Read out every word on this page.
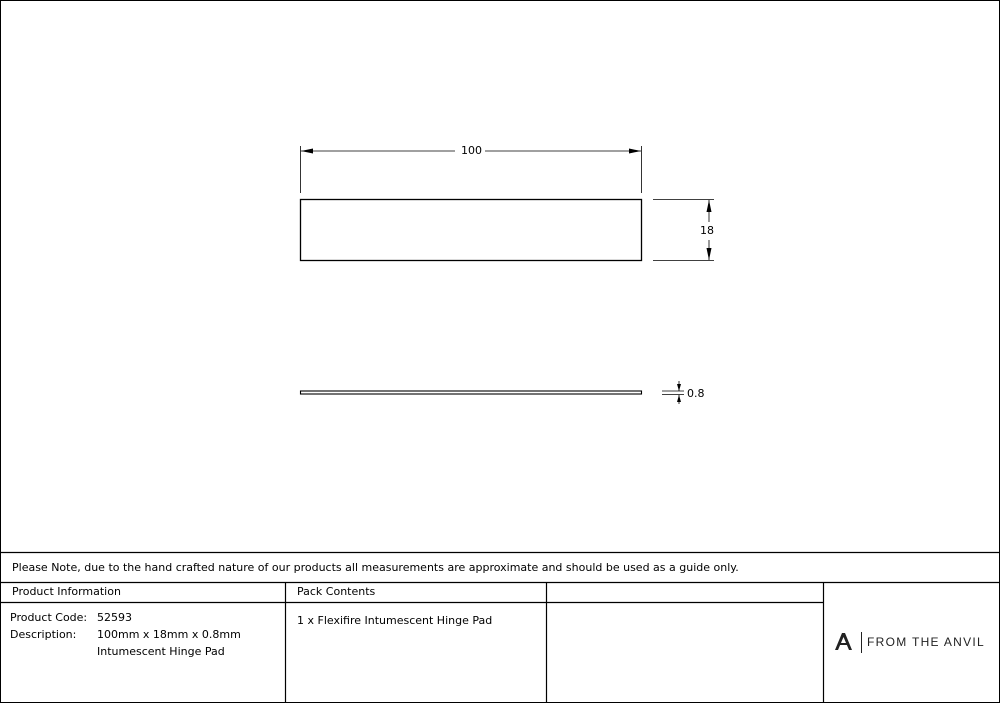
100
18
0.8
Please Note, due to the hand crafted nature of our products all measurements are approximate and should be used as a guide only.
Product Information
Product Code: 52593
Description: 100mm x 18mm x 0.8mm
Intumescent Hinge Pad
Pack Contents
1 x Flexifire Intumescent Hinge Pad
FROM THE ANVIL
